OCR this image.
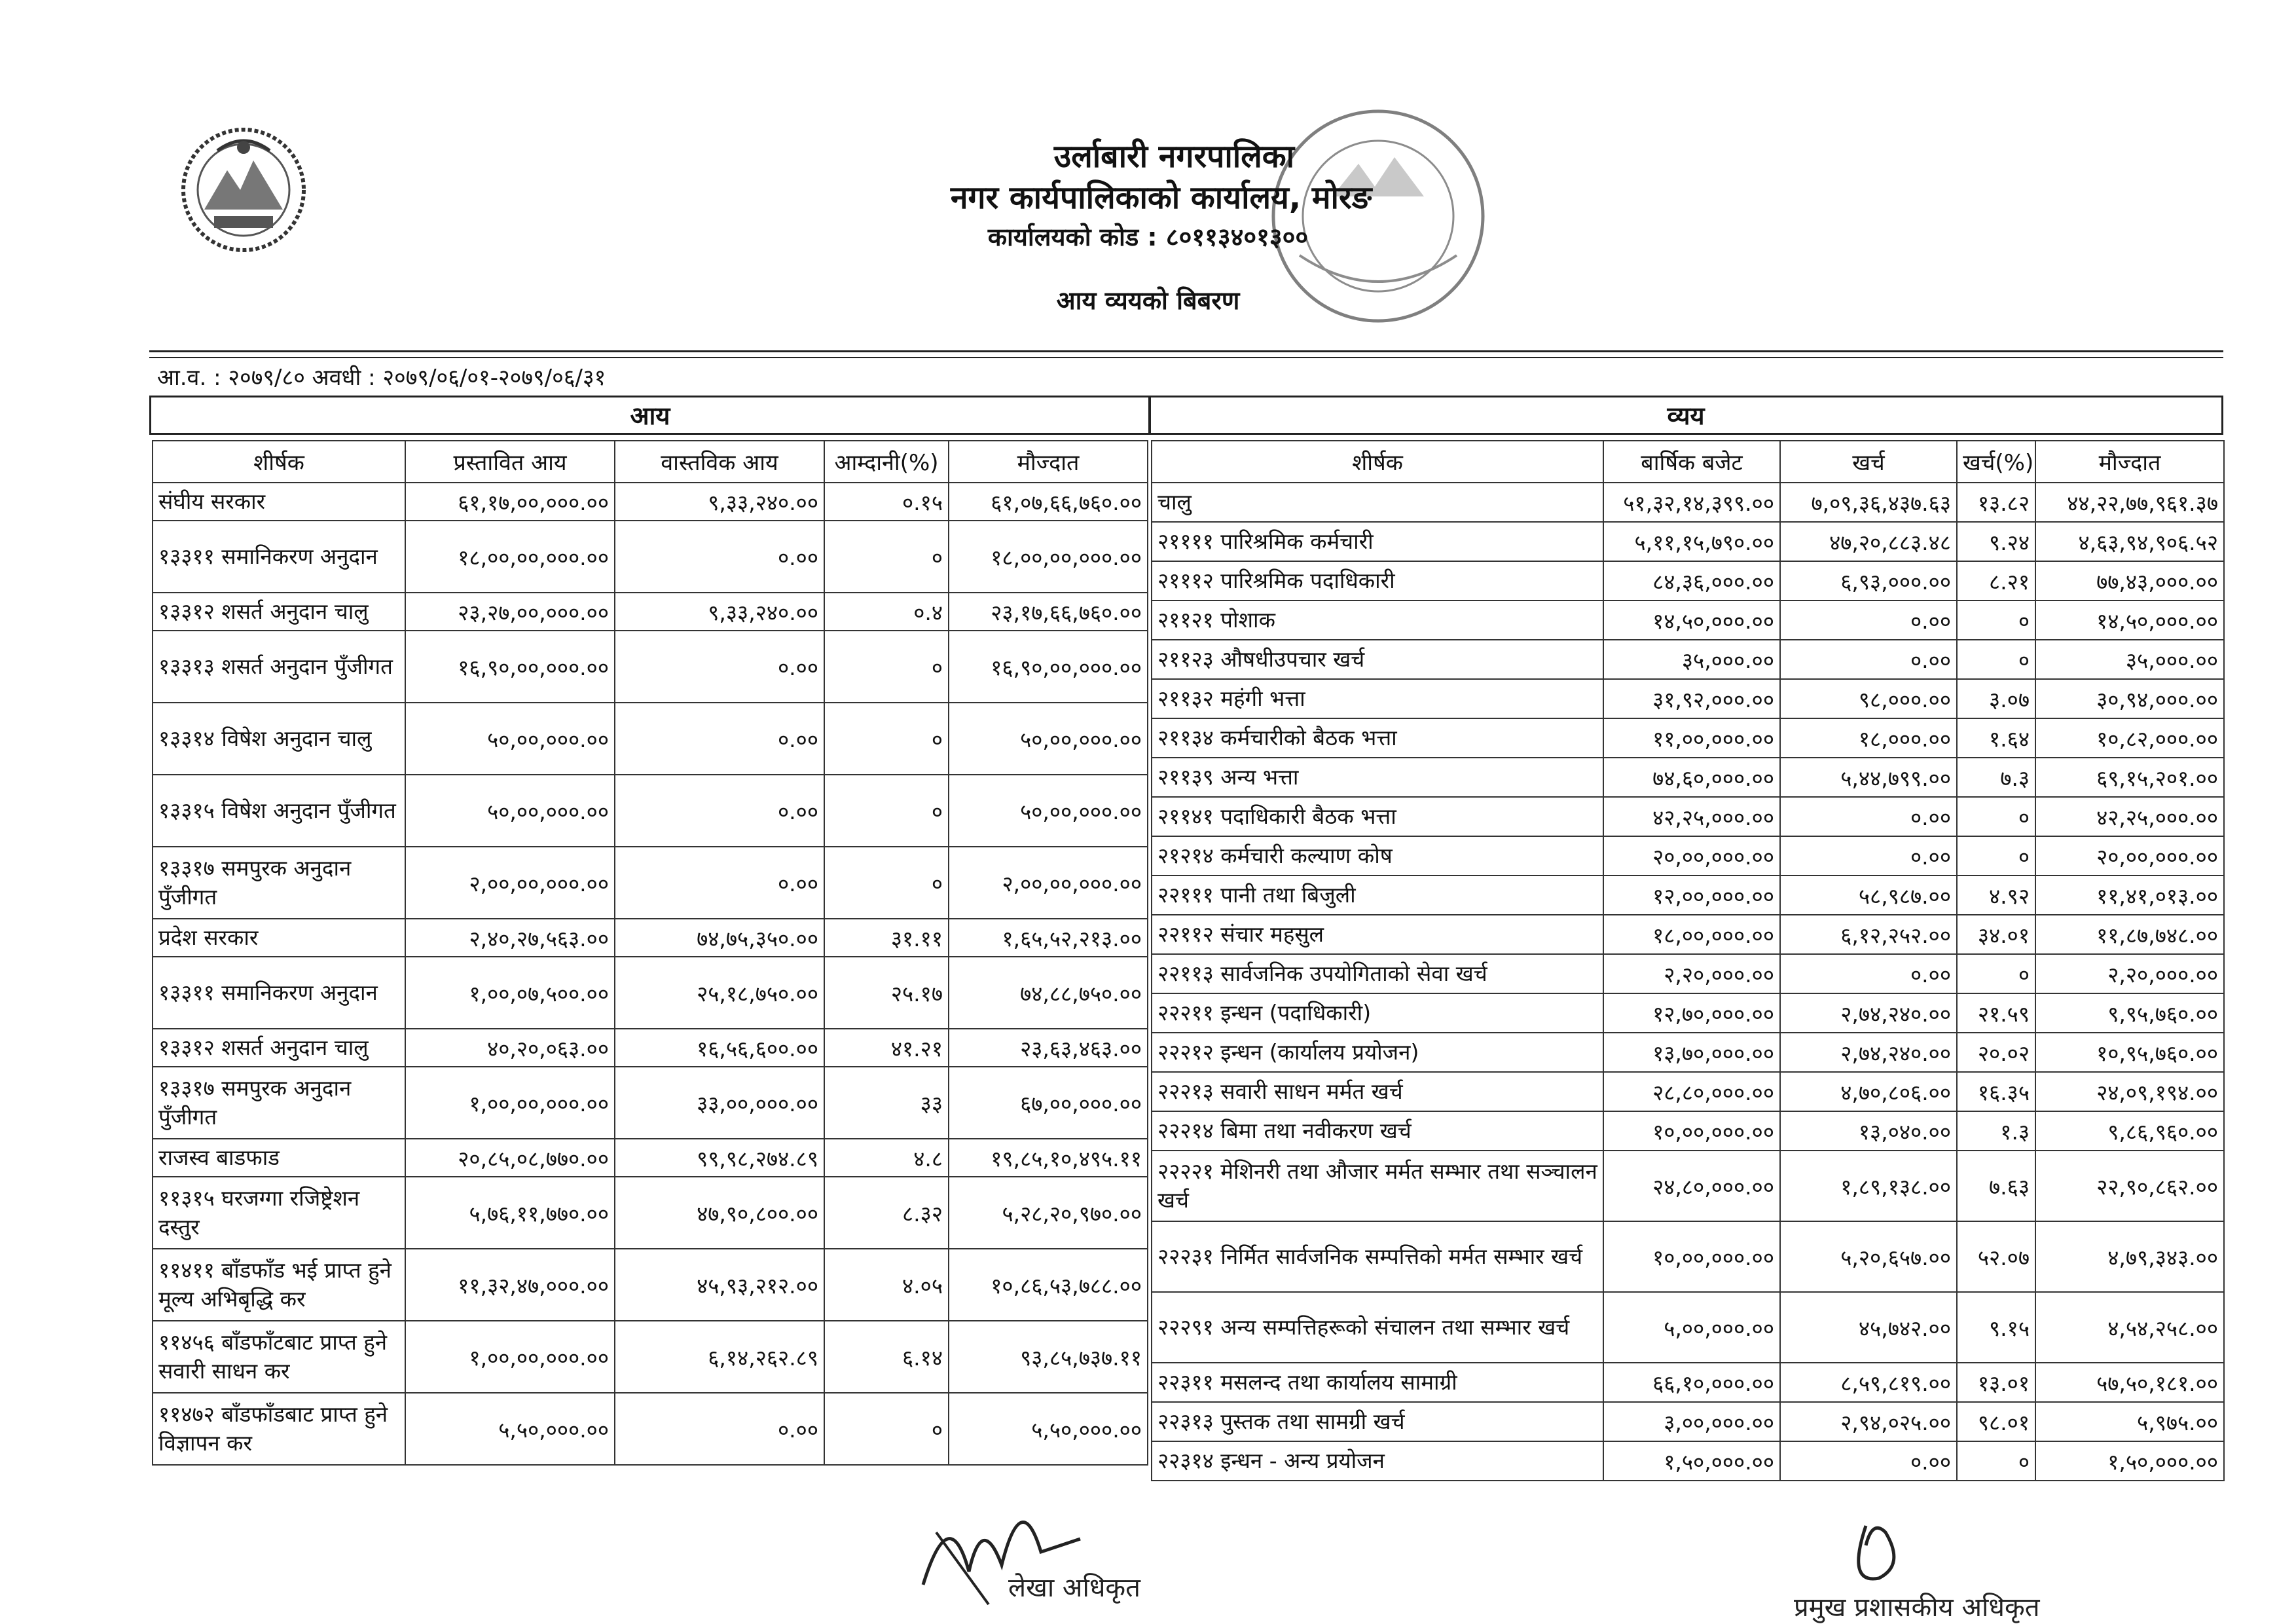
उर्लाबारी नगरपालिका
नगर कार्यपालिकाको कार्यालय, मोरङ
कार्यालयको कोड : ८०११३४०१३००
आय व्ययको बिबरण
आ.व. : २०७९/८० अवधी : २०७९/०६/०१-२०७९/०६/३१
आय	व्यय
शीर्षक	प्रस्तावित आय	वास्तविक आय	आम्दानी(%)	मौज्दात
संघीय सरकार	६१,१७,००,०००.००	९,३३,२४०.००	०.१५	६१,०७,६६,७६०.००
१३३११ समानिकरण अनुदान	१८,००,००,०००.००	०.००	०	१८,००,००,०००.००
१३३१२ शसर्त अनुदान चालु	२३,२७,००,०००.००	९,३३,२४०.००	०.४	२३,१७,६६,७६०.००
१३३१३ शसर्त अनुदान पुँजीगत	१६,९०,००,०००.००	०.००	०	१६,९०,००,०००.००
१३३१४ विषेश अनुदान चालु	५०,००,०००.००	०.००	०	५०,००,०००.००
१३३१५ विषेश अनुदान पुँजीगत	५०,००,०००.००	०.००	०	५०,००,०००.००
१३३१७ समपुरक अनुदान पुँजीगत	२,००,००,०००.००	०.००	०	२,००,००,०००.००
प्रदेश सरकार	२,४०,२७,५६३.००	७४,७५,३५०.००	३१.११	१,६५,५२,२१३.००
१३३११ समानिकरण अनुदान	१,००,०७,५००.००	२५,१८,७५०.००	२५.१७	७४,८८,७५०.००
१३३१२ शसर्त अनुदान चालु	४०,२०,०६३.००	१६,५६,६००.००	४१.२१	२३,६३,४६३.००
१३३१७ समपुरक अनुदान पुँजीगत	१,००,००,०००.००	३३,००,०००.००	३३	६७,००,०००.००
राजस्व बाडफाड	२०,८५,०८,७७०.००	९९,९८,२७४.८९	४.८	१९,८५,१०,४९५.११
११३१५ घरजग्गा रजिष्ट्रेशन दस्तुर	५,७६,११,७७०.००	४७,९०,८००.००	८.३२	५,२८,२०,९७०.००
११४११ बाँडफाँड भई प्राप्त हुने मूल्य अभिबृद्धि कर	११,३२,४७,०००.००	४५,९३,२१२.००	४.०५	१०,८६,५३,७८८.००
११४५६ बाँडफाँटबाट प्राप्त हुने सवारी साधन कर	१,००,००,०००.००	६,१४,२६२.८९	६.१४	९३,८५,७३७.११
११४७२ बाँडफाँडबाट प्राप्त हुने विज्ञापन कर	५,५०,०००.००	०.००	०	५,५०,०००.००
शीर्षक	बार्षिक बजेट	खर्च	खर्च(%)	मौज्दात
चालु	५१,३२,१४,३९९.००	७,०९,३६,४३७.६३	१३.८२	४४,२२,७७,९६१.३७
२११११ पारिश्रमिक कर्मचारी	५,११,१५,७९०.००	४७,२०,८८३.४८	९.२४	४,६३,९४,९०६.५२
२१११२ पारिश्रमिक पदाधिकारी	८४,३६,०००.००	६,९३,०००.००	८.२१	७७,४३,०००.००
२११२१ पोशाक	१४,५०,०००.००	०.००	०	१४,५०,०००.००
२११२३ औषधीउपचार खर्च	३५,०००.००	०.००	०	३५,०००.००
२११३२ महंगी भत्ता	३१,९२,०००.००	९८,०००.००	३.०७	३०,९४,०००.००
२११३४ कर्मचारीको बैठक भत्ता	११,००,०००.००	१८,०००.००	१.६४	१०,८२,०००.००
२११३९ अन्य भत्ता	७४,६०,०००.००	५,४४,७९९.००	७.३	६९,१५,२०१.००
२११४१ पदाधिकारी बैठक भत्ता	४२,२५,०००.००	०.००	०	४२,२५,०००.००
२१२१४ कर्मचारी कल्याण कोष	२०,००,०००.००	०.००	०	२०,००,०००.००
२२१११ पानी तथा बिजुली	१२,००,०००.००	५८,९८७.००	४.९२	११,४१,०१३.००
२२११२ संचार महसुल	१८,००,०००.००	६,१२,२५२.००	३४.०१	११,८७,७४८.००
२२११३ सार्वजनिक उपयोगिताको सेवा खर्च	२,२०,०००.००	०.००	०	२,२०,०००.००
२२२११ इन्धन (पदाधिकारी)	१२,७०,०००.००	२,७४,२४०.००	२१.५९	९,९५,७६०.००
२२२१२ इन्धन (कार्यालय प्रयोजन)	१३,७०,०००.००	२,७४,२४०.००	२०.०२	१०,९५,७६०.००
२२२१३ सवारी साधन मर्मत खर्च	२८,८०,०००.००	४,७०,८०६.००	१६.३५	२४,०९,१९४.००
२२२१४ बिमा तथा नवीकरण खर्च	१०,००,०००.००	१३,०४०.००	१.३	९,८६,९६०.००
२२२२१ मेशिनरी तथा औजार मर्मत सम्भार तथा सञ्चालन खर्च	२४,८०,०००.००	१,८९,१३८.००	७.६३	२२,९०,८६२.००
२२२३१ निर्मित सार्वजनिक सम्पत्तिको मर्मत सम्भार खर्च	१०,००,०००.००	५,२०,६५७.००	५२.०७	४,७९,३४३.००
२२२९१ अन्य सम्पत्तिहरूको संचालन तथा सम्भार खर्च	५,००,०००.००	४५,७४२.००	९.१५	४,५४,२५८.००
२२३११ मसलन्द तथा कार्यालय सामाग्री	६६,१०,०००.००	८,५९,८१९.००	१३.०१	५७,५०,१८१.००
२२३१३ पुस्तक तथा सामग्री खर्च	३,००,०००.००	२,९४,०२५.००	९८.०१	५,९७५.००
२२३१४ इन्धन - अन्य प्रयोजन	१,५०,०००.००	०.००	०	१,५०,०००.००
लेखा अधिकृत
प्रमुख प्रशासकीय अधिकृत
